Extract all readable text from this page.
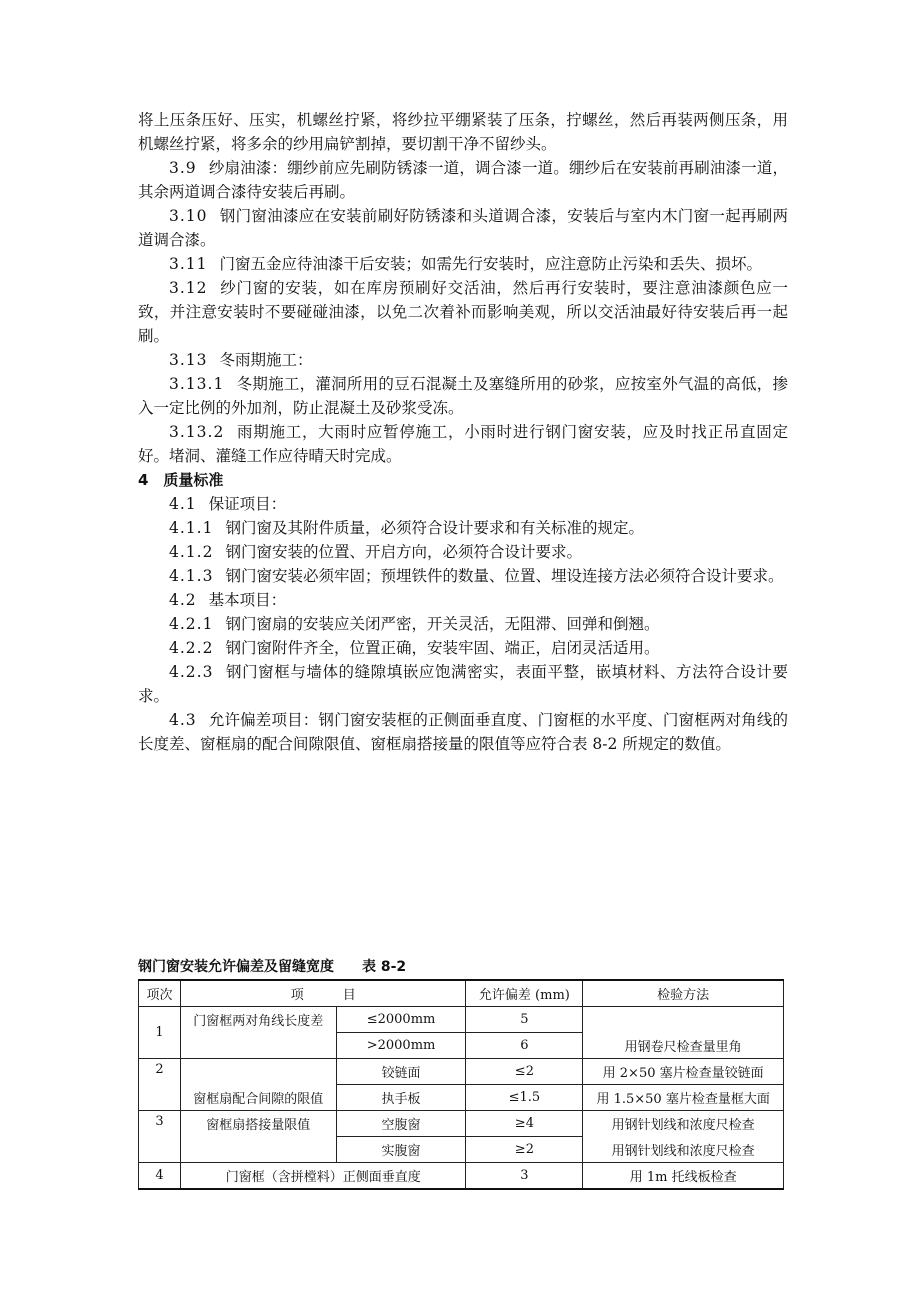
将上压条压好、压实，机螺丝拧紧，将纱拉平绷紧装了压条，拧螺丝，然后再装两侧压条，用机螺丝拧紧，将多余的纱用扁铲割掉，要切割干净不留纱头。

3.9 纱扇油漆：绷纱前应先刷防锈漆一道，调合漆一道。绷纱后在安装前再刷油漆一道，其余两道调合漆待安装后再刷。

3.10 钢门窗油漆应在安装前刷好防锈漆和头道调合漆，安装后与室内木门窗一起再刷两道调合漆。

3.11 门窗五金应待油漆干后安装；如需先行安装时，应注意防止污染和丢失、损坏。

3.12 纱门窗的安装，如在库房预刷好交活油，然后再行安装时，要注意油漆颜色应一致，并注意安装时不要碰碰油漆，以免二次着补而影响美观，所以交活油最好待安装后再一起刷。

3.13 冬雨期施工：

3.13.1 冬期施工，灌洞所用的豆石混凝土及塞缝所用的砂浆，应按室外气温的高低，掺入一定比例的外加剂，防止混凝土及砂浆受冻。

3.13.2 雨期施工，大雨时应暂停施工，小雨时进行钢门窗安装，应及时找正吊直固定好。堵洞、灌缝工作应待晴天时完成。

4　质量标准

4.1 保证项目：

4.1.1 钢门窗及其附件质量，必须符合设计要求和有关标准的规定。

4.1.2 钢门窗安装的位置、开启方向，必须符合设计要求。

4.1.3 钢门窗安装必须牢固；预埋铁件的数量、位置、埋设连接方法必须符合设计要求。

4.2 基本项目：

4.2.1 钢门窗扇的安装应关闭严密，开关灵活，无阻滞、回弹和倒翘。

4.2.2 钢门窗附件齐全，位置正确，安装牢固、端正，启闭灵活适用。

4.2.3 钢门窗框与墙体的缝隙填嵌应饱满密实，表面平整，嵌填材料、方法符合设计要求。

4.3 允许偏差项目：钢门窗安装框的正侧面垂直度、门窗框的水平度、门窗框两对角线的长度差、窗框扇的配合间隙限值、窗框扇搭接量的限值等应符合表 8-2 所规定的数值。

钢门窗安装允许偏差及留缝宽度 表 8-2
项次	项　　　目		允许偏差 (mm)	检验方法
1	门窗框两对角线长度差	≤2000mm	5	用钢卷尺检查量里角
		>2000mm	6	
2	窗框扇配合间隙的限值	铰链面	≤2	用 2×50 塞片检查量铰链面
		执手板	≤1.5	用 1.5×50 塞片检查量框大面
3	窗框扇搭接量限值	空腹窗	≥4	用钢针划线和浓度尺检查
		实腹窗	≥2	用钢针划线和浓度尺检查
4	门窗框（含拼樘料）正侧面垂直度		3	用 1m 托线板检查
